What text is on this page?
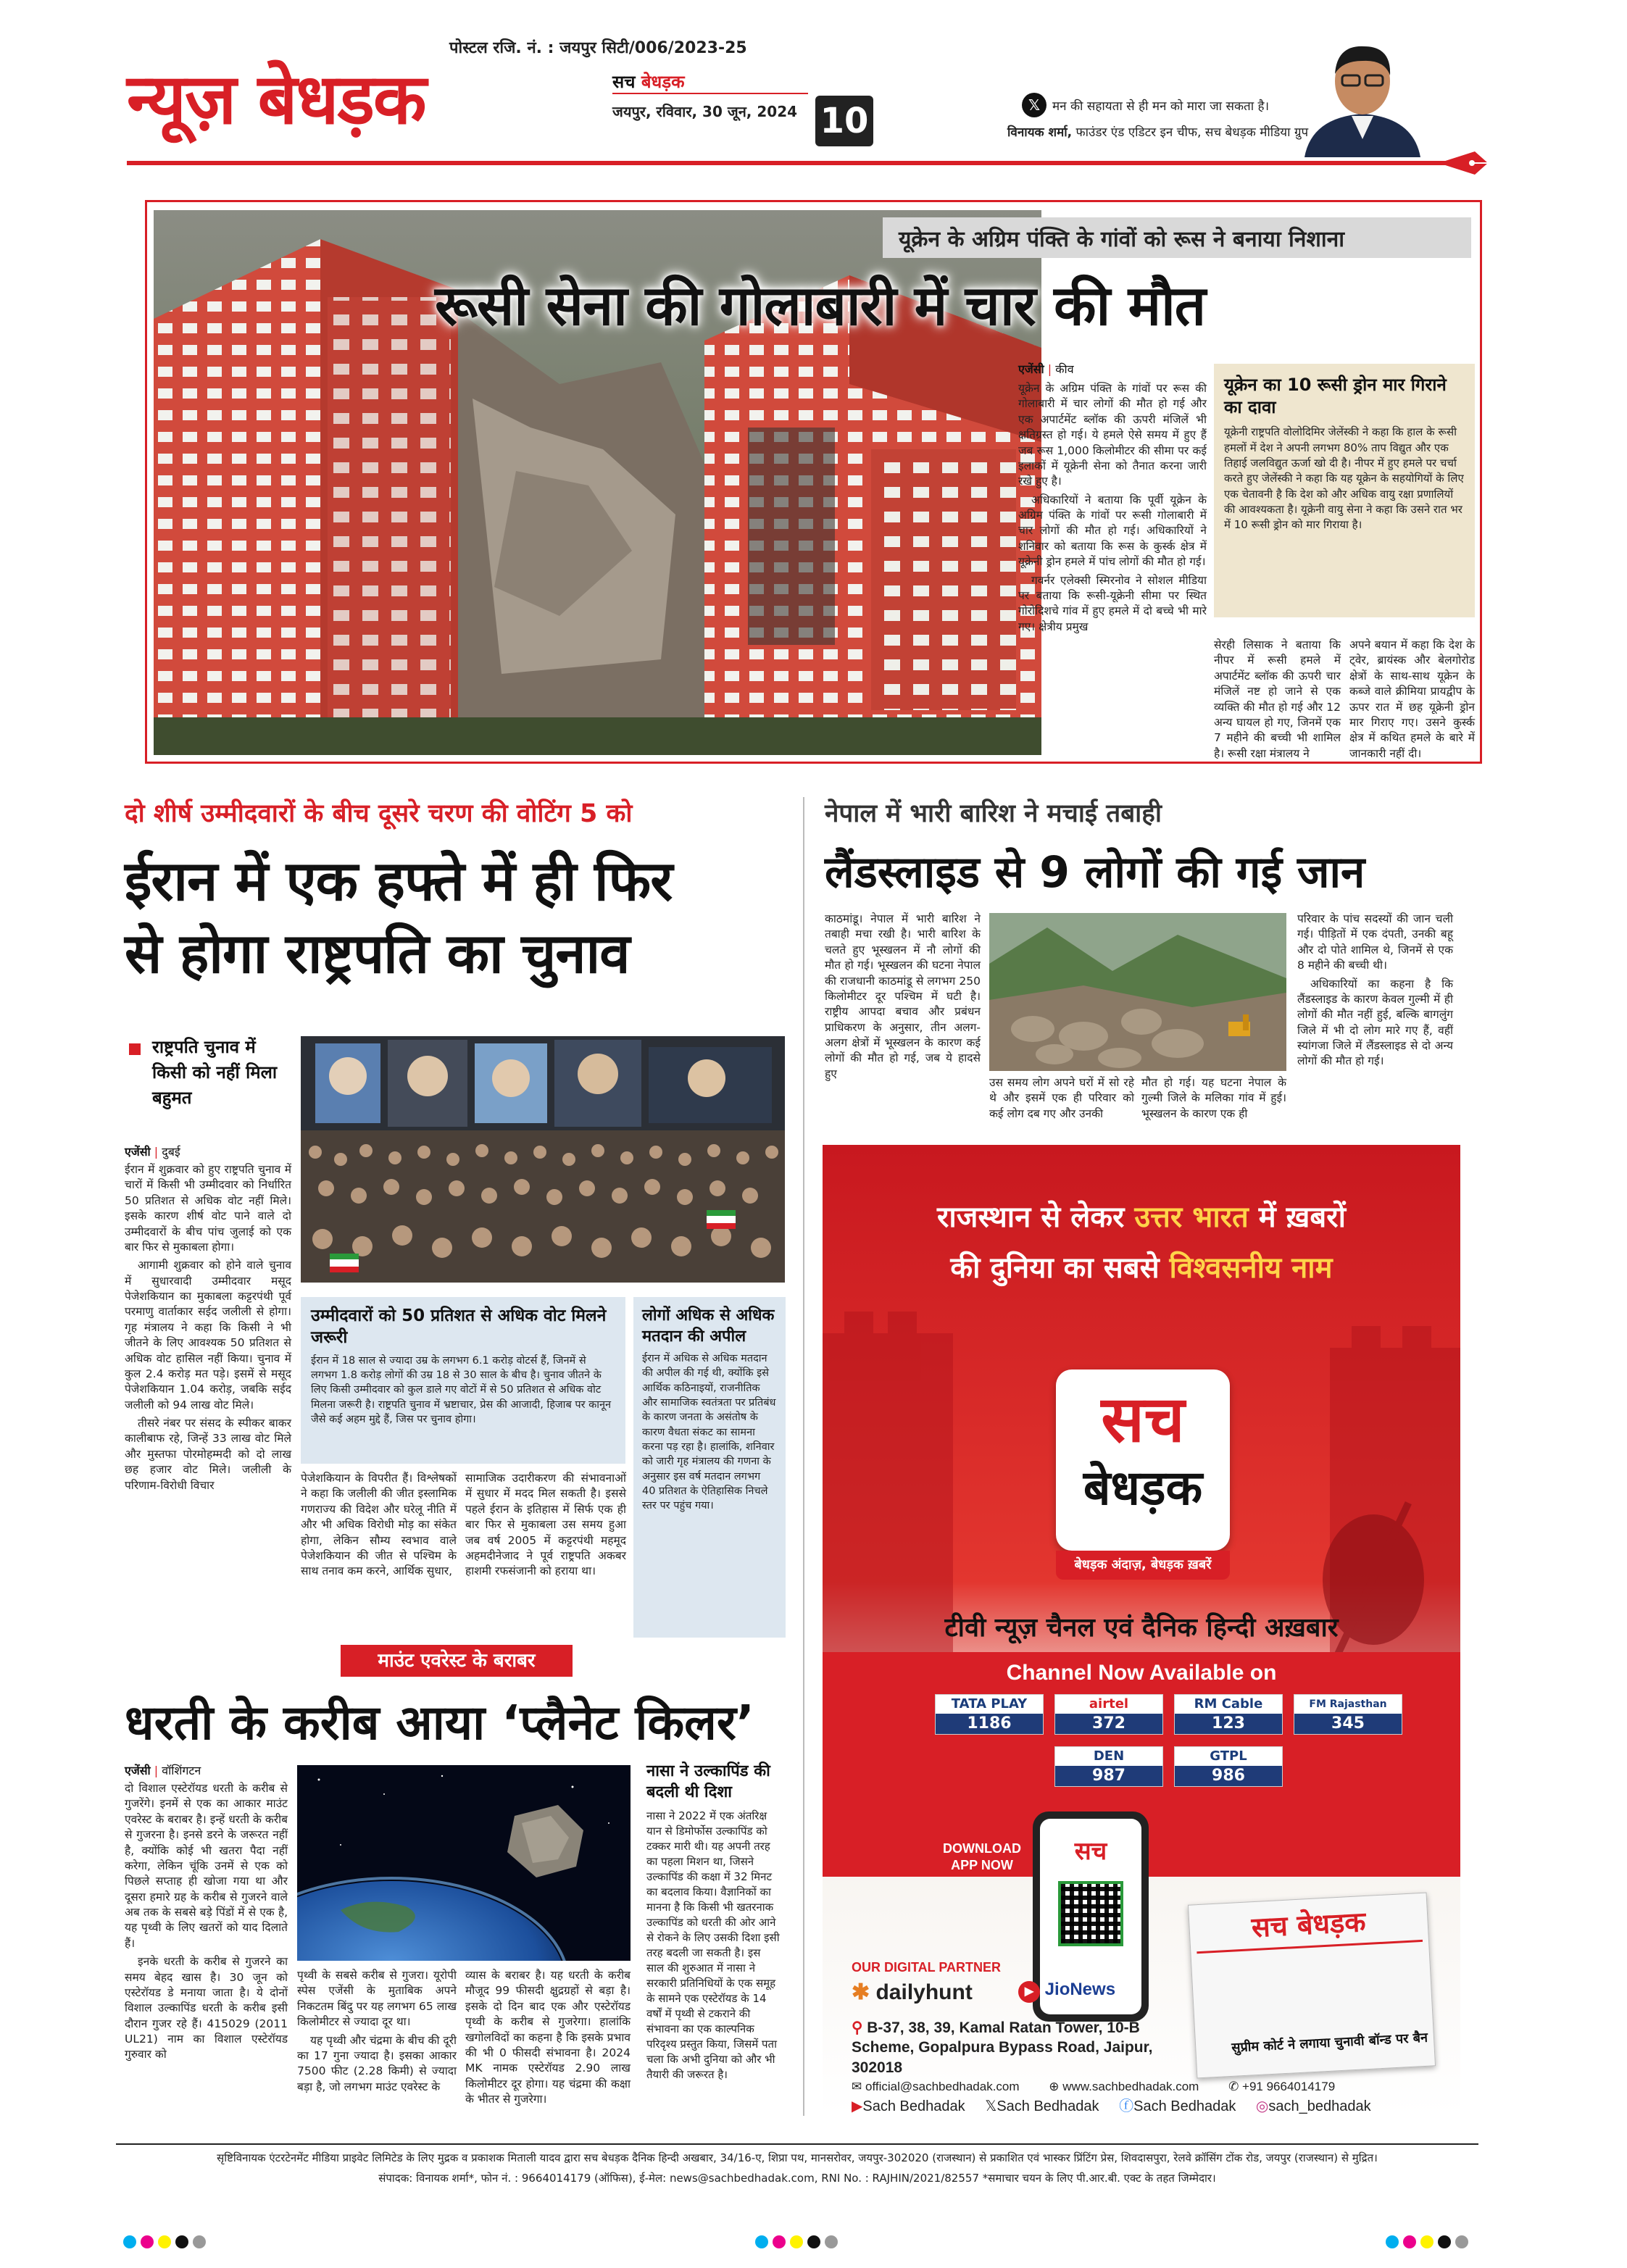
पोस्टल रजि. नं. : जयपुर सिटी/006/2023-25
न्यूज़ बेधड़क	सच बेधड़क
जयपुर, रविवार, 30 जून, 2024 10	𝕏 मन की सहायता से ही मन को मारा जा सकता है।
विनायक शर्मा, फाउंडर एंड एडिटर इन चीफ, सच बेधड़क मीडिया ग्रुप
यूक्रेन के अग्रिम पंक्ति के गांवों को रूस ने बनाया निशाना
रूसी सेना की गोलाबारी में चार की मौत
एजेंसी | कीव

यूक्रेन के अग्रिम पंक्ति के गांवों पर रूस की गोलाबारी में चार लोगों की मौत हो गई और एक अपार्टमेंट ब्लॉक की ऊपरी मंजिलें भी क्षतिग्रस्त हो गई। ये हमले ऐसे समय में हुए हैं जब रूस 1,000 किलोमीटर की सीमा पर कई इलाकों में यूक्रेनी सेना को तैनात करना जारी रखे हुए है।

अधिकारियों ने बताया कि पूर्वी यूक्रेन के अग्रिम पंक्ति के गांवों पर रूसी गोलाबारी में चार लोगों की मौत हो गई। अधिकारियों ने शनिवार को बताया कि रूस के कुर्स्क क्षेत्र में यूक्रेनी ड्रोन हमले में पांच लोगों की मौत हो गई।

गवर्नर एलेक्सी स्मिरनोव ने सोशल मीडिया पर बताया कि रूसी-यूक्रेनी सीमा पर स्थित गोरोदिशचे गांव में हुए हमले में दो बच्चे भी मारे गए। क्षेत्रीय प्रमुख

यूक्रेन का 10 रूसी ड्रोन मार गिराने का दावा
यूक्रेनी राष्ट्रपति वोलोदिमिर जेलेंस्की ने कहा कि हाल के रूसी हमलों में देश ने अपनी लगभग 80% ताप विद्युत और एक तिहाई जलविद्युत ऊर्जा खो दी है। नीपर में हुए हमले पर चर्चा करते हुए जेलेंस्की ने कहा कि यह यूक्रेन के सहयोगियों के लिए एक चेतावनी है कि देश को और अधिक वायु रक्षा प्रणालियों की आवश्यकता है। यूक्रेनी वायु सेना ने कहा कि उसने रात भर में 10 रूसी ड्रोन को मार गिराया है।

सेरही लिसाक ने बताया कि नीपर में रूसी हमले में अपार्टमेंट ब्लॉक की ऊपरी चार मंजिलें नष्ट हो जाने से एक व्यक्ति की मौत हो गई और 12 अन्य घायल हो गए, जिनमें एक 7 महीने की बच्ची भी शामिल है। रूसी रक्षा मंत्रालय ने

अपने बयान में कहा कि देश के ट्वेर, ब्रायंस्क और बेलगोरोड क्षेत्रों के साथ-साथ यूक्रेन के कब्जे वाले क्रीमिया प्रायद्वीप के ऊपर रात में छह यूक्रेनी ड्रोन मार गिराए गए। उसने कुर्स्क क्षेत्र में कथित हमले के बारे में जानकारी नहीं दी।

दो शीर्ष उम्मीदवारों के बीच दूसरे चरण की वोटिंग 5 को
ईरान में एक हफ्ते में ही फिर
से होगा राष्ट्रपति का चुनाव
राष्ट्रपति चुनाव में किसी को नहीं मिला बहुमत
एजेंसी | दुबई

ईरान में शुक्रवार को हुए राष्ट्रपति चुनाव में चारों में किसी भी उम्मीदवार को निर्धारित 50 प्रतिशत से अधिक वोट नहीं मिले। इसके कारण शीर्ष वोट पाने वाले दो उम्मीदवारों के बीच पांच जुलाई को एक बार फिर से मुकाबला होगा।

आगामी शुक्रवार को होने वाले चुनाव में सुधारवादी उम्मीदवार मसूद पेजेशकियान का मुकाबला कट्टरपंथी पूर्व परमाणु वार्ताकार सईद जलीली से होगा। गृह मंत्रालय ने कहा कि किसी ने भी जीतने के लिए आवश्यक 50 प्रतिशत से अधिक वोट हासिल नहीं किया। चुनाव में कुल 2.4 करोड़ मत पड़े। इसमें से मसूद पेजेशकियान 1.04 करोड़, जबकि सईद जलीली को 94 लाख वोट मिले।

तीसरे नंबर पर संसद के स्पीकर बाकर कालीबाफ रहे, जिन्हें 33 लाख वोट मिले और मुस्तफा पोरमोहम्मदी को दो लाख छह हजार वोट मिले। जलीली के परिणाम-विरोधी विचार

उम्मीदवारों को 50 प्रतिशत से अधिक वोट मिलने जरूरी
ईरान में 18 साल से ज्यादा उम्र के लगभग 6.1 करोड़ वोटर्स हैं, जिनमें से लगभग 1.8 करोड़ लोगों की उम्र 18 से 30 साल के बीच है। चुनाव जीतने के लिए किसी उम्मीदवार को कुल डाले गए वोटों में से 50 प्रतिशत से अधिक वोट मिलना जरूरी है। राष्ट्रपति चुनाव में भ्रष्टाचार, प्रेस की आजादी, हिजाब पर कानून जैसे कई अहम मुद्दे हैं, जिस पर चुनाव होगा।

पेजेशकियान के विपरीत हैं। विश्लेषकों ने कहा कि जलीली की जीत इस्लामिक गणराज्य की विदेश और घरेलू नीति में और भी अधिक विरोधी मोड़ का संकेत होगा, लेकिन सौम्य स्वभाव वाले पेजेशकियान की जीत से पश्चिम के साथ तनाव कम करने, आर्थिक सुधार,

सामाजिक उदारीकरण की संभावनाओं में सुधार में मदद मिल सकती है। इससे पहले ईरान के इतिहास में सिर्फ एक ही बार फिर से मुकाबला उस समय हुआ जब वर्ष 2005 में कट्टरपंथी महमूद अहमदीनेजाद ने पूर्व राष्ट्रपति अकबर हाशमी रफसंजानी को हराया था।

लोगों अधिक से अधिक मतदान की अपील
ईरान में अधिक से अधिक मतदान की अपील की गई थी, क्योंकि इसे आर्थिक कठिनाइयों, राजनीतिक और सामाजिक स्वतंत्रता पर प्रतिबंध के कारण जनता के असंतोष के कारण वैधता संकट का सामना करना पड़ रहा है। हालांकि, शनिवार को जारी गृह मंत्रालय की गणना के अनुसार इस वर्ष मतदान लगभग 40 प्रतिशत के ऐतिहासिक निचले स्तर पर पहुंच गया।
नेपाल में भारी बारिश ने मचाई तबाही
लैंडस्लाइड से 9 लोगों की गई जान

काठमांडू। नेपाल में भारी बारिश ने तबाही मचा रखी है। भारी बारिश के चलते हुए भूस्खलन में नौ लोगों की मौत हो गई। भूस्खलन की घटना नेपाल की राजधानी काठमांडू से लगभग 250 किलोमीटर दूर पश्चिम में घटी है। राष्ट्रीय आपदा बचाव और प्रबंधन प्राधिकरण के अनुसार, तीन अलग-अलग क्षेत्रों में भूस्खलन के कारण कई लोगों की मौत हो गई, जब ये हादसे हुए

उस समय लोग अपने घरों में सो रहे थे और इसमें एक ही परिवार को कई लोग दब गए और उनकी

मौत हो गई। यह घटना नेपाल के गुल्मी जिले के मलिका गांव में हुई। भूस्खलन के कारण एक ही

परिवार के पांच सदस्यों की जान चली गई। पीड़ितों में एक दंपती, उनकी बहू और दो पोते शामिल थे, जिनमें से एक 8 महीने की बच्ची थी।

अधिकारियों का कहना है कि लैंडस्लाइड के कारण केवल गुल्मी में ही लोगों की मौत नहीं हुई, बल्कि बागलुंग जिले में भी दो लोग मारे गए हैं, वहीं स्यांगजा जिले में लैंडस्लाइड से दो अन्य लोगों की मौत हो गई।

माउंट एवरेस्ट के बराबर
धरती के करीब आया ‘प्लैनेट किलर’
एजेंसी | वॉशिंगटन

दो विशाल एस्टेरॉयड धरती के करीब से गुजरेंगे। इनमें से एक का आकार माउंट एवरेस्ट के बराबर है। इन्हें धरती के करीब से गुजरना है। इनसे डरने के जरूरत नहीं है, क्योंकि कोई भी खतरा पैदा नहीं करेगा, लेकिन चूंकि उनमें से एक को पिछले सप्ताह ही खोजा गया था और दूसरा हमारे ग्रह के करीब से गुजरने वाले अब तक के सबसे बड़े पिंडों में से एक है, यह पृथ्वी के लिए खतरों को याद दिलाते हैं।

इनके धरती के करीब से गुजरने का समय बेहद खास है। 30 जून को एस्टेरॉयड डे मनाया जाता है। ये दोनों विशाल उल्कापिंड धरती के करीब इसी दौरान गुजर रहे हैं। 415029 (2011 UL21) नाम का विशाल एस्टेरॉयड गुरुवार को

पृथ्वी के सबसे करीब से गुजरा। यूरोपी स्पेस एजेंसी के मुताबिक अपने निकटतम बिंदु पर यह लगभग 65 लाख किलोमीटर से ज्यादा दूर था।

यह पृथ्वी और चंद्रमा के बीच की दूरी का 17 गुना ज्यादा है। इसका आकार 7500 फीट (2.28 किमी) से ज्यादा बड़ा है, जो लगभग माउंट एवरेस्ट के

व्यास के बराबर है। यह धरती के करीब मौजूद 99 फीसदी क्षुद्रग्रहों से बड़ा है। इसके दो दिन बाद एक और एस्टेरॉयड पृथ्वी के करीब से गुजरेगा। हालांकि खगोलविदों का कहना है कि इसके प्रभाव की भी 0 फीसदी संभावना है। 2024 MK नामक एस्टेरॉयड 2.90 लाख किलोमीटर दूर होगा। यह चंद्रमा की कक्षा के भीतर से गुजरेगा।

नासा ने उल्कापिंड की बदली थी दिशा
नासा ने 2022 में एक अंतरिक्ष यान से डिमोर्फोस उल्कापिंड को टक्कर मारी थी। यह अपनी तरह का पहला मिशन था, जिसने उल्कापिंड की कक्षा में 32 मिनट का बदलाव किया। वैज्ञानिकों का मानना है कि किसी भी खतरनाक उल्कापिंड को धरती की ओर आने से रोकने के लिए उसकी दिशा इसी तरह बदली जा सकती है। इस साल की शुरुआत में नासा ने सरकारी प्रतिनिधियों के एक समूह के सामने एक एस्टेरॉयड के 14 वर्षों में पृथ्वी से टकराने की संभावना का एक काल्पनिक परिदृश्य प्रस्तुत किया, जिसमें पता चला कि अभी दुनिया को और भी तैयारी की जरूरत है।
राजस्थान से लेकर उत्तर भारत में ख़बरों
की दुनिया का सबसे विश्वसनीय नाम
सच
बेधड़क
बेधड़क अंदाज़, बेधड़क ख़बरें
टीवी न्यूज़ चैनल एवं दैनिक हिन्दी अख़बार
Channel Now Available on
TATA PLAY
1186
airtel
372
RM Cable
123
FM Rajasthan
345
DEN
987
GTPL
986
DOWNLOAD APP NOW	सच
सच बेधड़क
सुप्रीम कोर्ट ने लगाया चुनावी बॉन्ड पर बैन
OUR DIGITAL PARTNER
✱ dailyhunt	▶ JioNews
⚲ B-37, 38, 39, Kamal Ratan Tower, 10-B Scheme, Gopalpura Bypass Road, Jaipur, 302018
✉ official@sachbedhadak.com ⊕ www.sachbedhadak.com ✆ +91 9664014179
▶Sach Bedhadak 𝕏Sach Bedhadak ⓕSach Bedhadak ◎sach_bedhadak
सृष्टिविनायक एंटरटेनमेंट मीडिया प्राइवेट लिमिटेड के लिए मुद्रक व प्रकाशक मिताली यादव द्वारा सच बेधड़क दैनिक हिन्दी अखबार, 34/16-ए, शिप्रा पथ, मानसरोवर, जयपुर-302020 (राजस्थान) से प्रकाशित एवं भास्कर प्रिंटिंग प्रेस, शिवदासपुरा, रेलवे क्रॉसिंग टोंक रोड, जयपुर (राजस्थान) से मुद्रित।
संपादक: विनायक शर्मा*, फोन नं. : 9664014179 (ऑफिस), ई-मेल: news@sachbedhadak.com, RNI No. : RAJHIN/2021/82557 *समाचार चयन के लिए पी.आर.बी. एक्ट के तहत जिम्मेदार।
